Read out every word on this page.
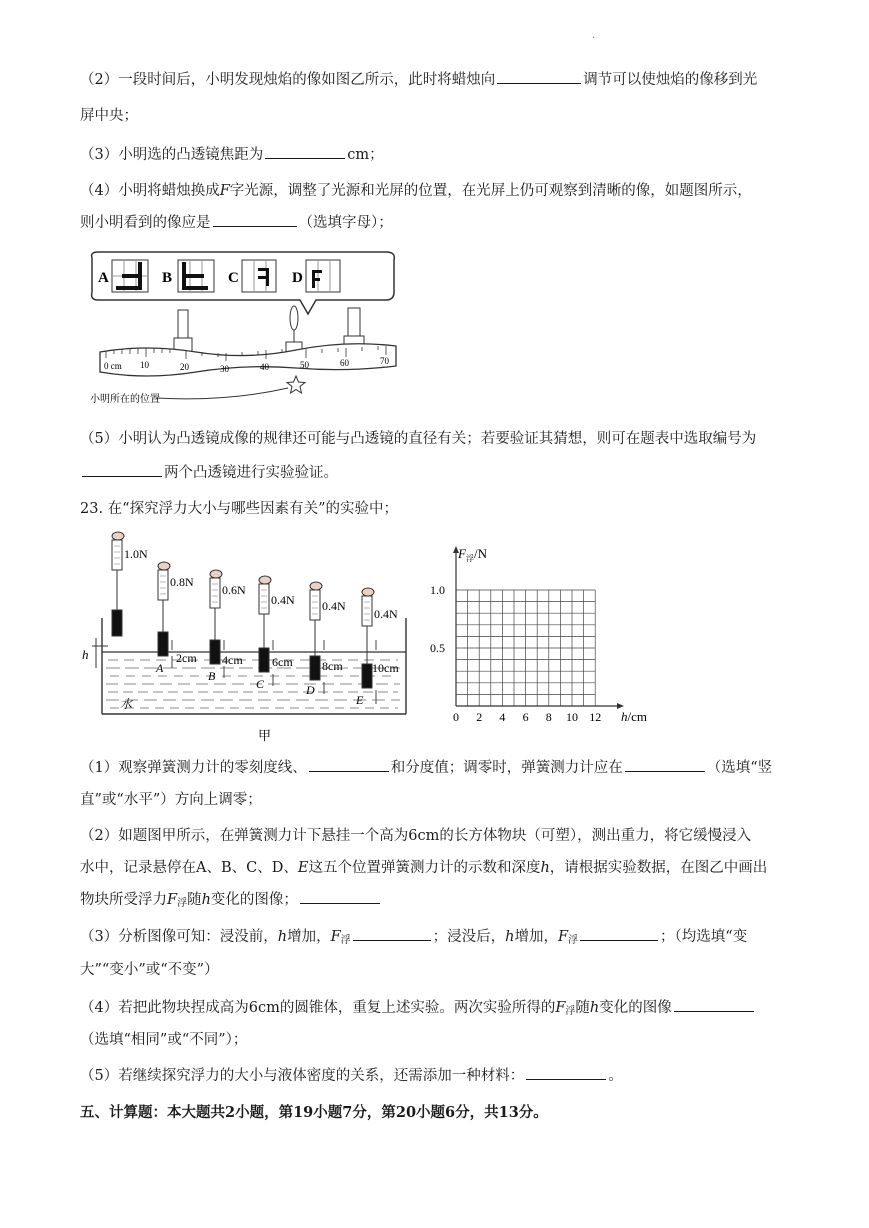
.

（2）一段时间后，小明发现烛焰的像如图乙所示，此时将蜡烛向	调节可以使烛焰的像移到光

屏中央；

（3）小明选的凸透镜焦距为	cm；

（4）小明将蜡烛换成F字光源，调整了光源和光屏的位置，在光屏上仍可观察到清晰的像，如题图所示，

则小明看到的像应是	（选填字母）；

A	B	C	D
0 cm 10	20	30	40	50	60	70
小明所在的位置

（5）小明认为凸透镜成像的规律还可能与凸透镜的直径有关；若要验证其猜想，则可在题表中选取编号为

两个凸透镜进行实验验证。

23. 在“探究浮力大小与哪些因素有关”的实验中；

水
h
1.0N
0.8N
0.6N
0.4N 0.4N
0.4N
2cm 4cm 6cm 8cm 10cm
A
B
C	D
E
甲
$F_浮/N$
0 2 4 6 8 10 12
1.0
0.5
h/cm

（1）观察弹簧测力计的零刻度线、	和分度值；调零时，弹簧测力计应在	（选填“竖

直”或“水平”）方向上调零；

（2）如题图甲所示，在弹簧测力计下悬挂一个高为6cm的长方体物块（可塑），测出重力，将它缓慢浸入

水中，记录悬停在A、B、C、D、E这五个位置弹簧测力计的示数和深度h，请根据实验数据，在图乙中画出

物块所受浮力$F_浮$随h变化的图像；

（3）分析图像可知：浸没前，h增加，$F_浮$	；浸没后，h增加，$F_浮$	；（均选填“变

大”“变小”或“不变”）

（4）若把此物块捏成高为6cm的圆锥体，重复上述实验。两次实验所得的$F_浮$随h变化的图像

（选填“相同”或“不同”）；

（5）若继续探究浮力的大小与液体密度的关系，还需添加一种材料：	。

五、计算题：本大题共2小题，第19小题7分，第20小题6分，共13分。
